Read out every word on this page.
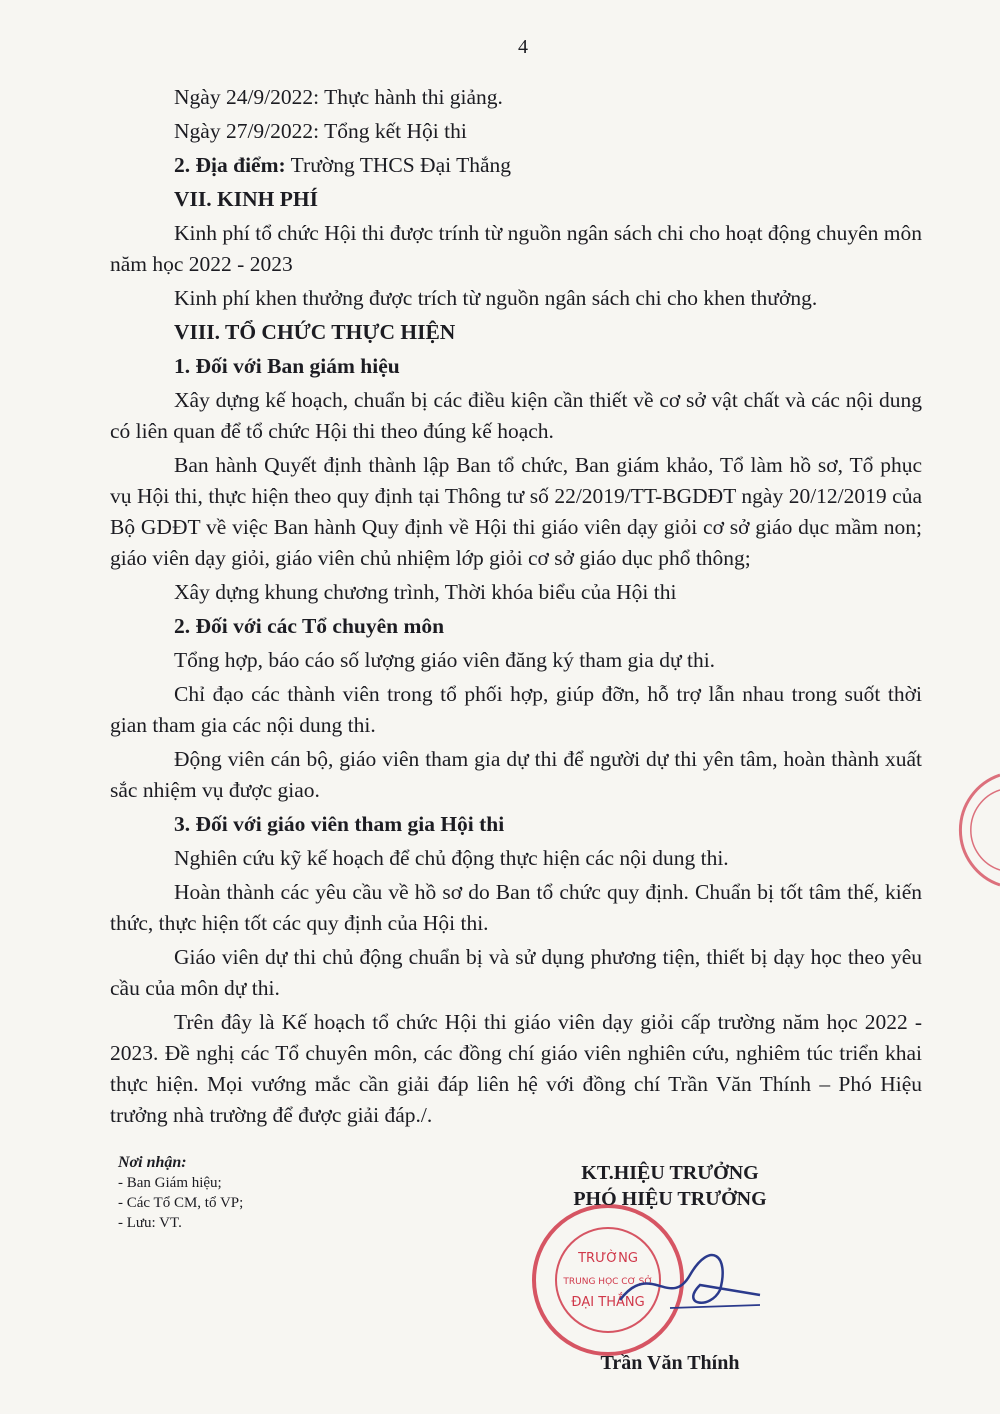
4

Ngày 24/9/2022: Thực hành thi giảng.

Ngày 27/9/2022: Tổng kết Hội thi

2. Địa điểm: Trường THCS Đại Thắng

VII. KINH PHÍ

Kinh phí tổ chức Hội thi được trính từ nguồn ngân sách chi cho hoạt động chuyên môn năm học 2022 - 2023

Kinh phí khen thưởng được trích từ nguồn ngân sách chi cho khen thưởng.

VIII. TỔ CHỨC THỰC HIỆN

1. Đối với Ban giám hiệu

Xây dựng kế hoạch, chuẩn bị các điều kiện cần thiết về cơ sở vật chất và các nội dung có liên quan để tổ chức Hội thi theo đúng kế hoạch.

Ban hành Quyết định thành lập Ban tổ chức, Ban giám khảo, Tổ làm hồ sơ, Tổ phục vụ Hội thi, thực hiện theo quy định tại Thông tư số 22/2019/TT-BGDĐT ngày 20/12/2019 của Bộ GDĐT về việc Ban hành Quy định về Hội thi giáo viên dạy giỏi cơ sở giáo dục mầm non; giáo viên dạy giỏi, giáo viên chủ nhiệm lớp giỏi cơ sở giáo dục phổ thông;

Xây dựng khung chương trình, Thời khóa biểu của Hội thi

2. Đối với các Tổ chuyên môn

Tổng hợp, báo cáo số lượng giáo viên đăng ký tham gia dự thi.

Chỉ đạo các thành viên trong tổ phối hợp, giúp đỡn, hỗ trợ lẫn nhau trong suốt thời gian tham gia các nội dung thi.

Động viên cán bộ, giáo viên tham gia dự thi để người dự thi yên tâm, hoàn thành xuất sắc nhiệm vụ được giao.

3. Đối với giáo viên tham gia Hội thi

Nghiên cứu kỹ kế hoạch để chủ động thực hiện các nội dung thi.

Hoàn thành các yêu cầu về hồ sơ do Ban tổ chức quy định. Chuẩn bị tốt tâm thế, kiến thức, thực hiện tốt các quy định của Hội thi.

Giáo viên dự thi chủ động chuẩn bị và sử dụng phương tiện, thiết bị dạy học theo yêu cầu của môn dự thi.

Trên đây là Kế hoạch tổ chức Hội thi giáo viên dạy giỏi cấp trường năm học 2022 - 2023. Đề nghị các Tổ chuyên môn, các đồng chí giáo viên nghiên cứu, nghiêm túc triển khai thực hiện. Mọi vướng mắc cần giải đáp liên hệ với đồng chí Trần Văn Thính – Phó Hiệu trưởng nhà trường để được giải đáp./.

Nơi nhận:
- Ban Giám hiệu;
- Các Tổ CM, tổ VP;
- Lưu: VT.
TRƯỜNG
TRUNG HỌC CƠ SỞ
ĐẠI THẮNG
KT.HIỆU TRƯỞNG
PHÓ HIỆU TRƯỞNG
Trần Văn Thính
